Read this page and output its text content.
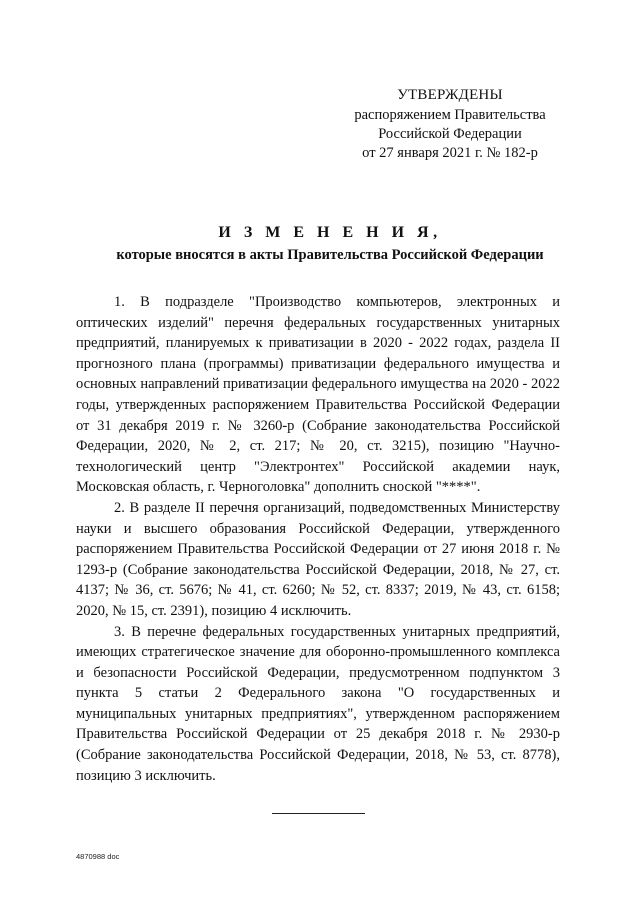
УТВЕРЖДЕНЫ
распоряжением Правительства
Российской Федерации
от 27 января 2021 г. № 182-р
И З М Е Н Е Н И Я,
которые вносятся в акты Правительства Российской Федерации

1. В подразделе "Производство компьютеров, электронных и оптических изделий" перечня федеральных государственных унитарных предприятий, планируемых к приватизации в 2020 - 2022 годах, раздела II прогнозного плана (программы) приватизации федерального имущества и основных направлений приватизации федерального имущества на 2020 - 2022 годы, утвержденных распоряжением Правительства Российской Федерации от 31 декабря 2019 г. № 3260-р (Собрание законодательства Российской Федерации, 2020, № 2, ст. 217; № 20, ст. 3215), позицию "Научно-технологический центр "Электронтех" Российской академии наук, Московская область, г. Черноголовка" дополнить сноской "****".

2. В разделе II перечня организаций, подведомственных Министерству науки и высшего образования Российской Федерации, утвержденного распоряжением Правительства Российской Федерации от 27 июня 2018 г. № 1293-р (Собрание законодательства Российской Федерации, 2018, № 27, ст. 4137; № 36, ст. 5676; № 41, ст. 6260; № 52, ст. 8337; 2019, № 43, ст. 6158; 2020, № 15, ст. 2391), позицию 4 исключить.

3. В перечне федеральных государственных унитарных предприятий, имеющих стратегическое значение для оборонно-промышленного комплекса и безопасности Российской Федерации, предусмотренном подпунктом 3 пункта 5 статьи 2 Федерального закона "О государственных и муниципальных унитарных предприятиях", утвержденном распоряжением Правительства Российской Федерации от 25 декабря 2018 г. № 2930-р (Собрание законодательства Российской Федерации, 2018, № 53, ст. 8778), позицию 3 исключить.

4870988 doc
